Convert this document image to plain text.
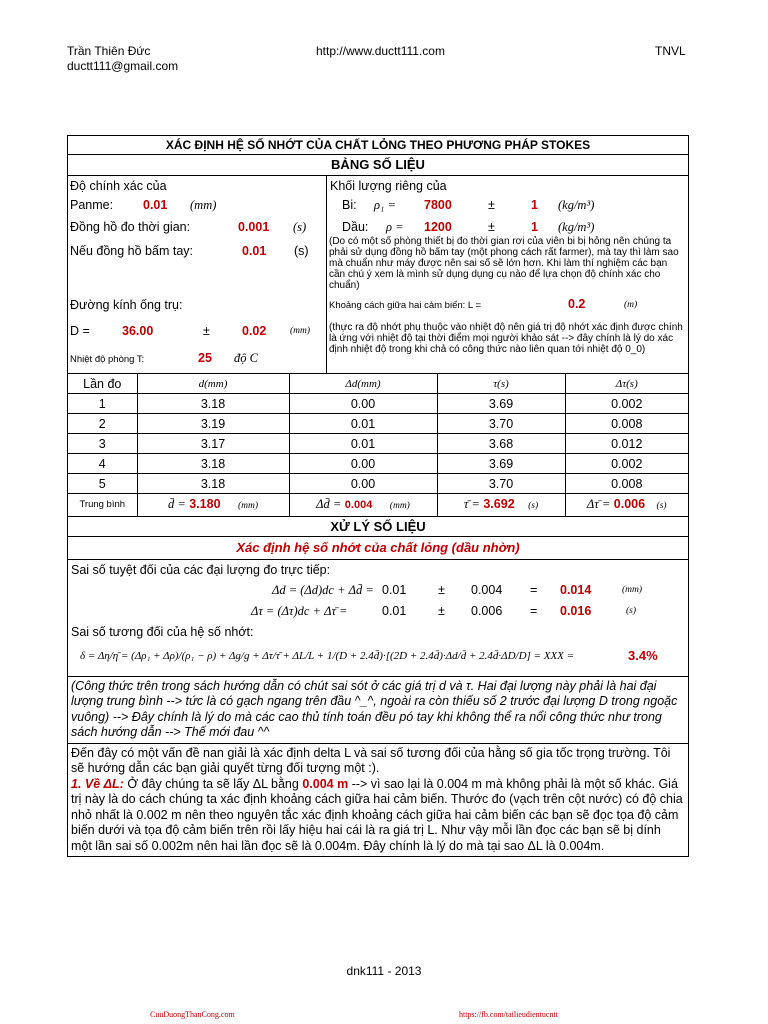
Trần Thiên Đức
ductt111@gmail.com
http://www.ductt111.com	TNVL
XÁC ĐỊNH HỆ SỐ NHỚT CỦA CHẤT LỎNG THEO PHƯƠNG PHÁP STOKES
BẢNG SỐ LIỆU
Độ chính xác của
Panme: 0.01 (mm)
Đồng hồ đo thời gian:	0.001 (s)
Nếu đồng hồ bấm tay:	0.01 (s)
Đường kính ống trụ:
D =	36.00	±	0.02 (mm)
Nhiệt độ phòng T:	25 độ C
Khối lượng riêng của
Bi: ρ₁ = 7800	±	1 (kg/m³)
Dầu: ρ = 1200	±	1 (kg/m³)
(Do có một số phòng thiết bị đo thời gian rơi của viên bi bị hỏng nên chúng ta phải sử dụng đồng hồ bấm tay (một phong cách rất farmer), mà tay thì làm sao mà chuẩn như máy được nên sai số sẽ lớn hơn. Khi làm thí nghiệm các bạn cần chú ý xem là mình sử dụng dụng cụ nào để lựa chọn độ chính xác cho chuẩn)
Khoảng cách giữa hai cảm biến: L =	0.2	(m)
(thực ra độ nhớt phụ thuộc vào nhiệt độ nên giá trị độ nhớt xác định được chính là ứng với nhiệt độ tại thời điểm mọi người khảo sát --> đây chính là lý do xác định nhiệt độ trong khi chả có công thức nào liên quan tới nhiệt độ 0_0)
Lần đo	d(mm)	Δd(mm)	τ(s)	Δτ(s)
1	3.18	0.00	3.69	0.002
2	3.19	0.01	3.70	0.008
3	3.17	0.01	3.68	0.012
4	3.18	0.00	3.69	0.002
5	3.18	0.00	3.70	0.008
Trung bình	d̄ = 3.180 (mm)	Δd̄ = 0.004 (mm)	τ̄ = 3.692 (s)	Δτ̄ = 0.006 (s)
XỬ LÝ SỐ LIỆU
Xác định hệ số nhớt của chất lỏng (dầu nhờn)
Sai số tuyệt đối của các đại lượng đo trực tiếp:
Δd = (Δd)dc + Δd̄ = 0.01	± 0.004 = 0.014	(mm)
Δτ = (Δτ)dc + Δτ̄ =	0.01	± 0.006 = 0.016	(s)
Sai số tương đối của hệ số nhớt:
δ = Δη/η̄ = (Δρ₁ + Δρ)/(ρ₁ − ρ) + Δg/g + Δτ/τ̄ + ΔL/L + 1/(D + 2.4d̄)·[(2D + 2.4d̄)·Δd/d̄ + 2.4d̄·ΔD/D] = XXX =	3.4%
(Công thức trên trong sách hướng dẫn có chút sai sót ở các giá trị d và τ. Hai đại lượng này phải là hai đại lượng trung bình --> tức là có gạch ngang trên đầu ^_^, ngoài ra còn thiếu số 2 trước đại lượng D trong ngoặc vuông) --> Đây chính là lý do mà các cao thủ tính toán đều pó tay khi không thể ra nổi công thức như trong sách hướng dẫn --> Thế mới đau ^^
Đến đây có một vấn đề nan giải là xác định delta L và sai số tương đối của hằng số gia tốc trọng trường. Tôi sẽ hướng dẫn các bạn giải quyết từng đối tượng một :).
1. Về ΔL: Ở đây chúng ta sẽ lấy ΔL bằng 0.004 m --> vì sao lại là 0.004 m mà không phải là một số khác. Giá trị này là do cách chúng ta xác định khoảng cách giữa hai cảm biến. Thước đo (vạch trên cột nước) có độ chia nhỏ nhất là 0.002 m nên theo nguyên tắc xác định khoảng cách giữa hai cảm biến các bạn sẽ đọc tọa độ cảm biến dưới và tọa độ cảm biến trên rồi lấy hiệu hai cái là ra giá trị L. Như vậy mỗi lần đọc các bạn sẽ bị dính một lần sai số 0.002m nên hai lần đọc sẽ là 0.004m. Đây chính là lý do mà tại sao ΔL là 0.004m.
dnk111 - 2013
CuuDuongThanCong.com	https://fb.com/tailieudientucntt
